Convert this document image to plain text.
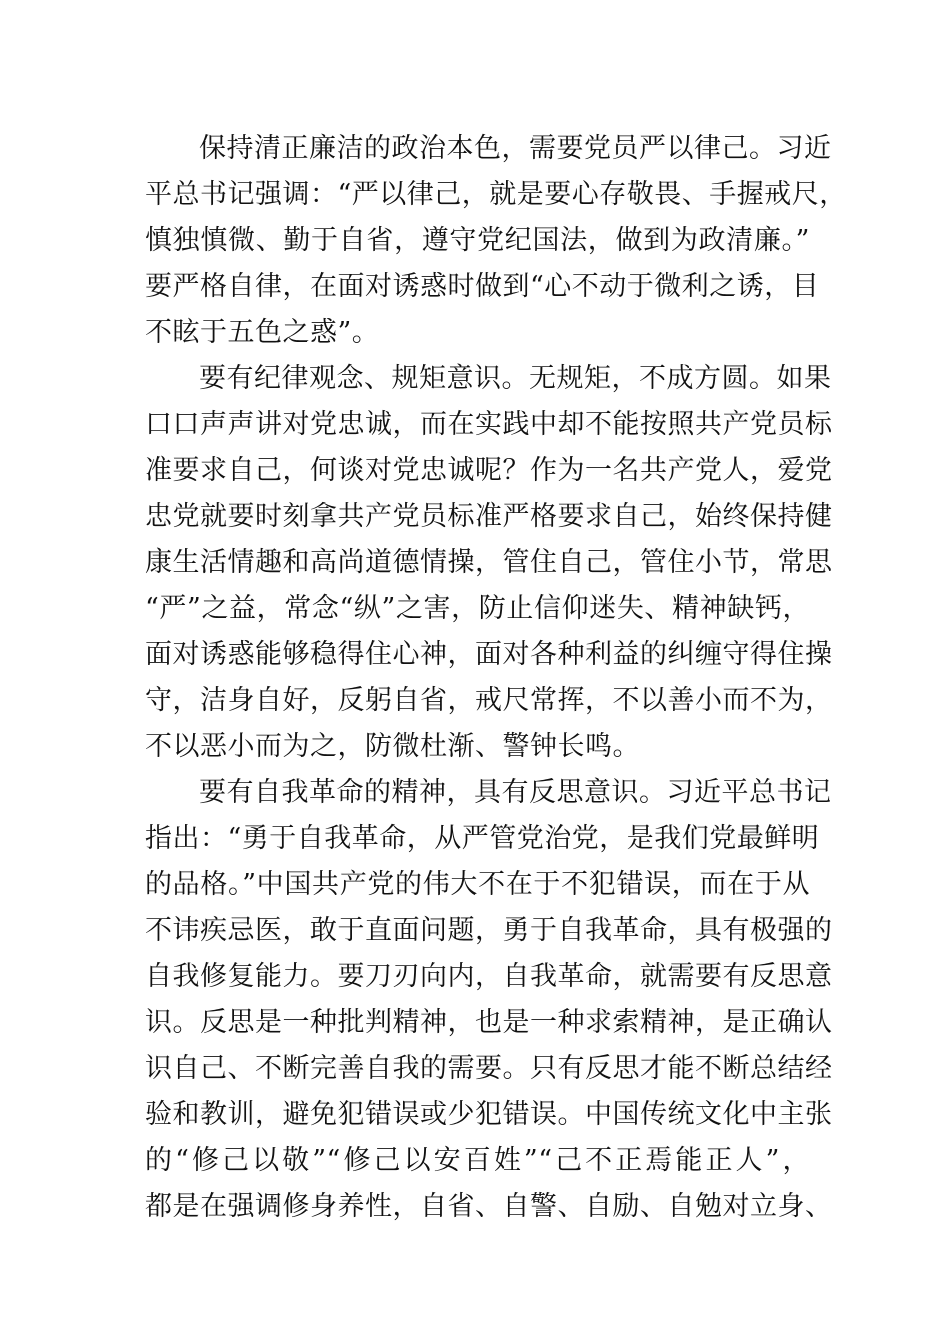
保持清正廉洁的政治本色，需要党员严以律己。习近
平总书记强调：“严以律己，就是要心存敬畏、手握戒尺，
慎独慎微、勤于自省，遵守党纪国法，做到为政清廉。”
要严格自律，在面对诱惑时做到“心不动于微利之诱，目
不眩于五色之惑”。
要有纪律观念、规矩意识。无规矩，不成方圆。如果
口口声声讲对党忠诚，而在实践中却不能按照共产党员标
准要求自己，何谈对党忠诚呢？作为一名共产党人，爱党
忠党就要时刻拿共产党员标准严格要求自己，始终保持健
康生活情趣和高尚道德情操，管住自己，管住小节，常思
“严”之益，常念“纵”之害，防止信仰迷失、精神缺钙，
面对诱惑能够稳得住心神，面对各种利益的纠缠守得住操
守，洁身自好，反躬自省，戒尺常挥，不以善小而不为，
不以恶小而为之，防微杜渐、警钟长鸣。
要有自我革命的精神，具有反思意识。习近平总书记
指出：“勇于自我革命，从严管党治党，是我们党最鲜明
的品格。”中国共产党的伟大不在于不犯错误，而在于从
不讳疾忌医，敢于直面问题，勇于自我革命，具有极强的
自我修复能力。要刀刃向内，自我革命，就需要有反思意
识。反思是一种批判精神，也是一种求索精神，是正确认
识自己、不断完善自我的需要。只有反思才能不断总结经
验和教训，避免犯错误或少犯错误。中国传统文化中主张
的“修己以敬”“修己以安百姓”“己不正焉能正人”，
都是在强调修身养性，自省、自警、自励、自勉对立身、
